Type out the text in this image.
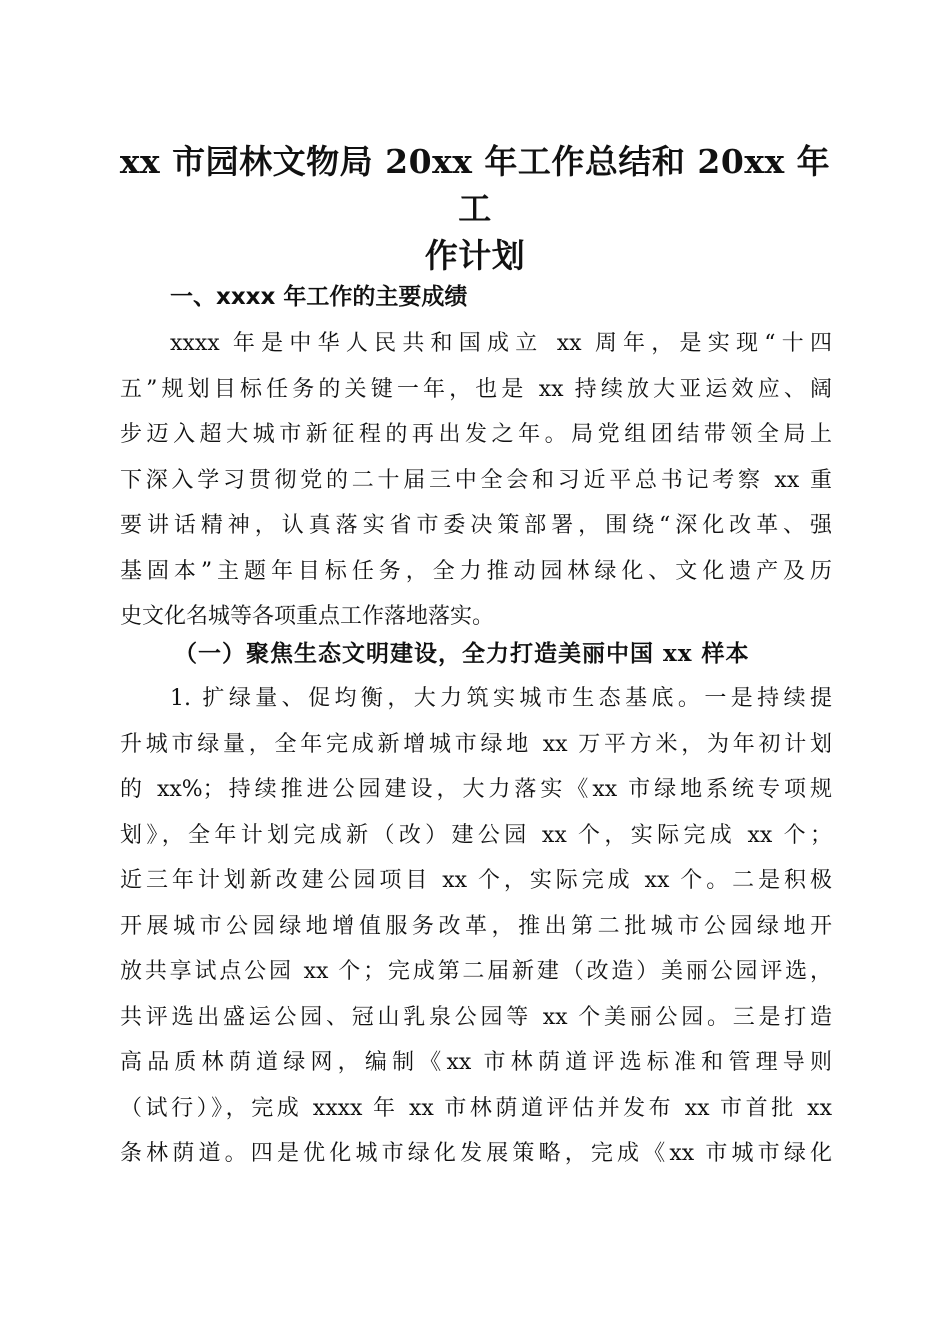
xx 市园林文物局 20xx 年工作总结和 20xx 年工
作计划
一、xxxx 年工作的主要成绩
xxxx 年是中华人民共和国成立 xx 周年，是实现“十四
五”规划目标任务的关键一年，也是 xx 持续放大亚运效应、阔
步迈入超大城市新征程的再出发之年。局党组团结带领全局上
下深入学习贯彻党的二十届三中全会和习近平总书记考察 xx 重
要讲话精神，认真落实省市委决策部署，围绕“深化改革、强
基固本”主题年目标任务，全力推动园林绿化、文化遗产及历
史文化名城等各项重点工作落地落实。
（一）聚焦生态文明建设，全力打造美丽中国 xx 样本
1. 扩绿量、促均衡，大力筑实城市生态基底。一是持续提
升城市绿量，全年完成新增城市绿地 xx 万平方米，为年初计划
的 xx%；持续推进公园建设，大力落实《xx 市绿地系统专项规
划》，全年计划完成新（改）建公园 xx 个，实际完成 xx 个；
近三年计划新改建公园项目 xx 个，实际完成 xx 个。二是积极
开展城市公园绿地增值服务改革，推出第二批城市公园绿地开
放共享试点公园 xx 个；完成第二届新建（改造）美丽公园评选，
共评选出盛运公园、冠山乳泉公园等 xx 个美丽公园。三是打造
高品质林荫道绿网，编制《xx 市林荫道评选标准和管理导则
（试行）》，完成 xxxx 年 xx 市林荫道评估并发布 xx 市首批 xx
条林荫道。四是优化城市绿化发展策略，完成《xx 市城市绿化
